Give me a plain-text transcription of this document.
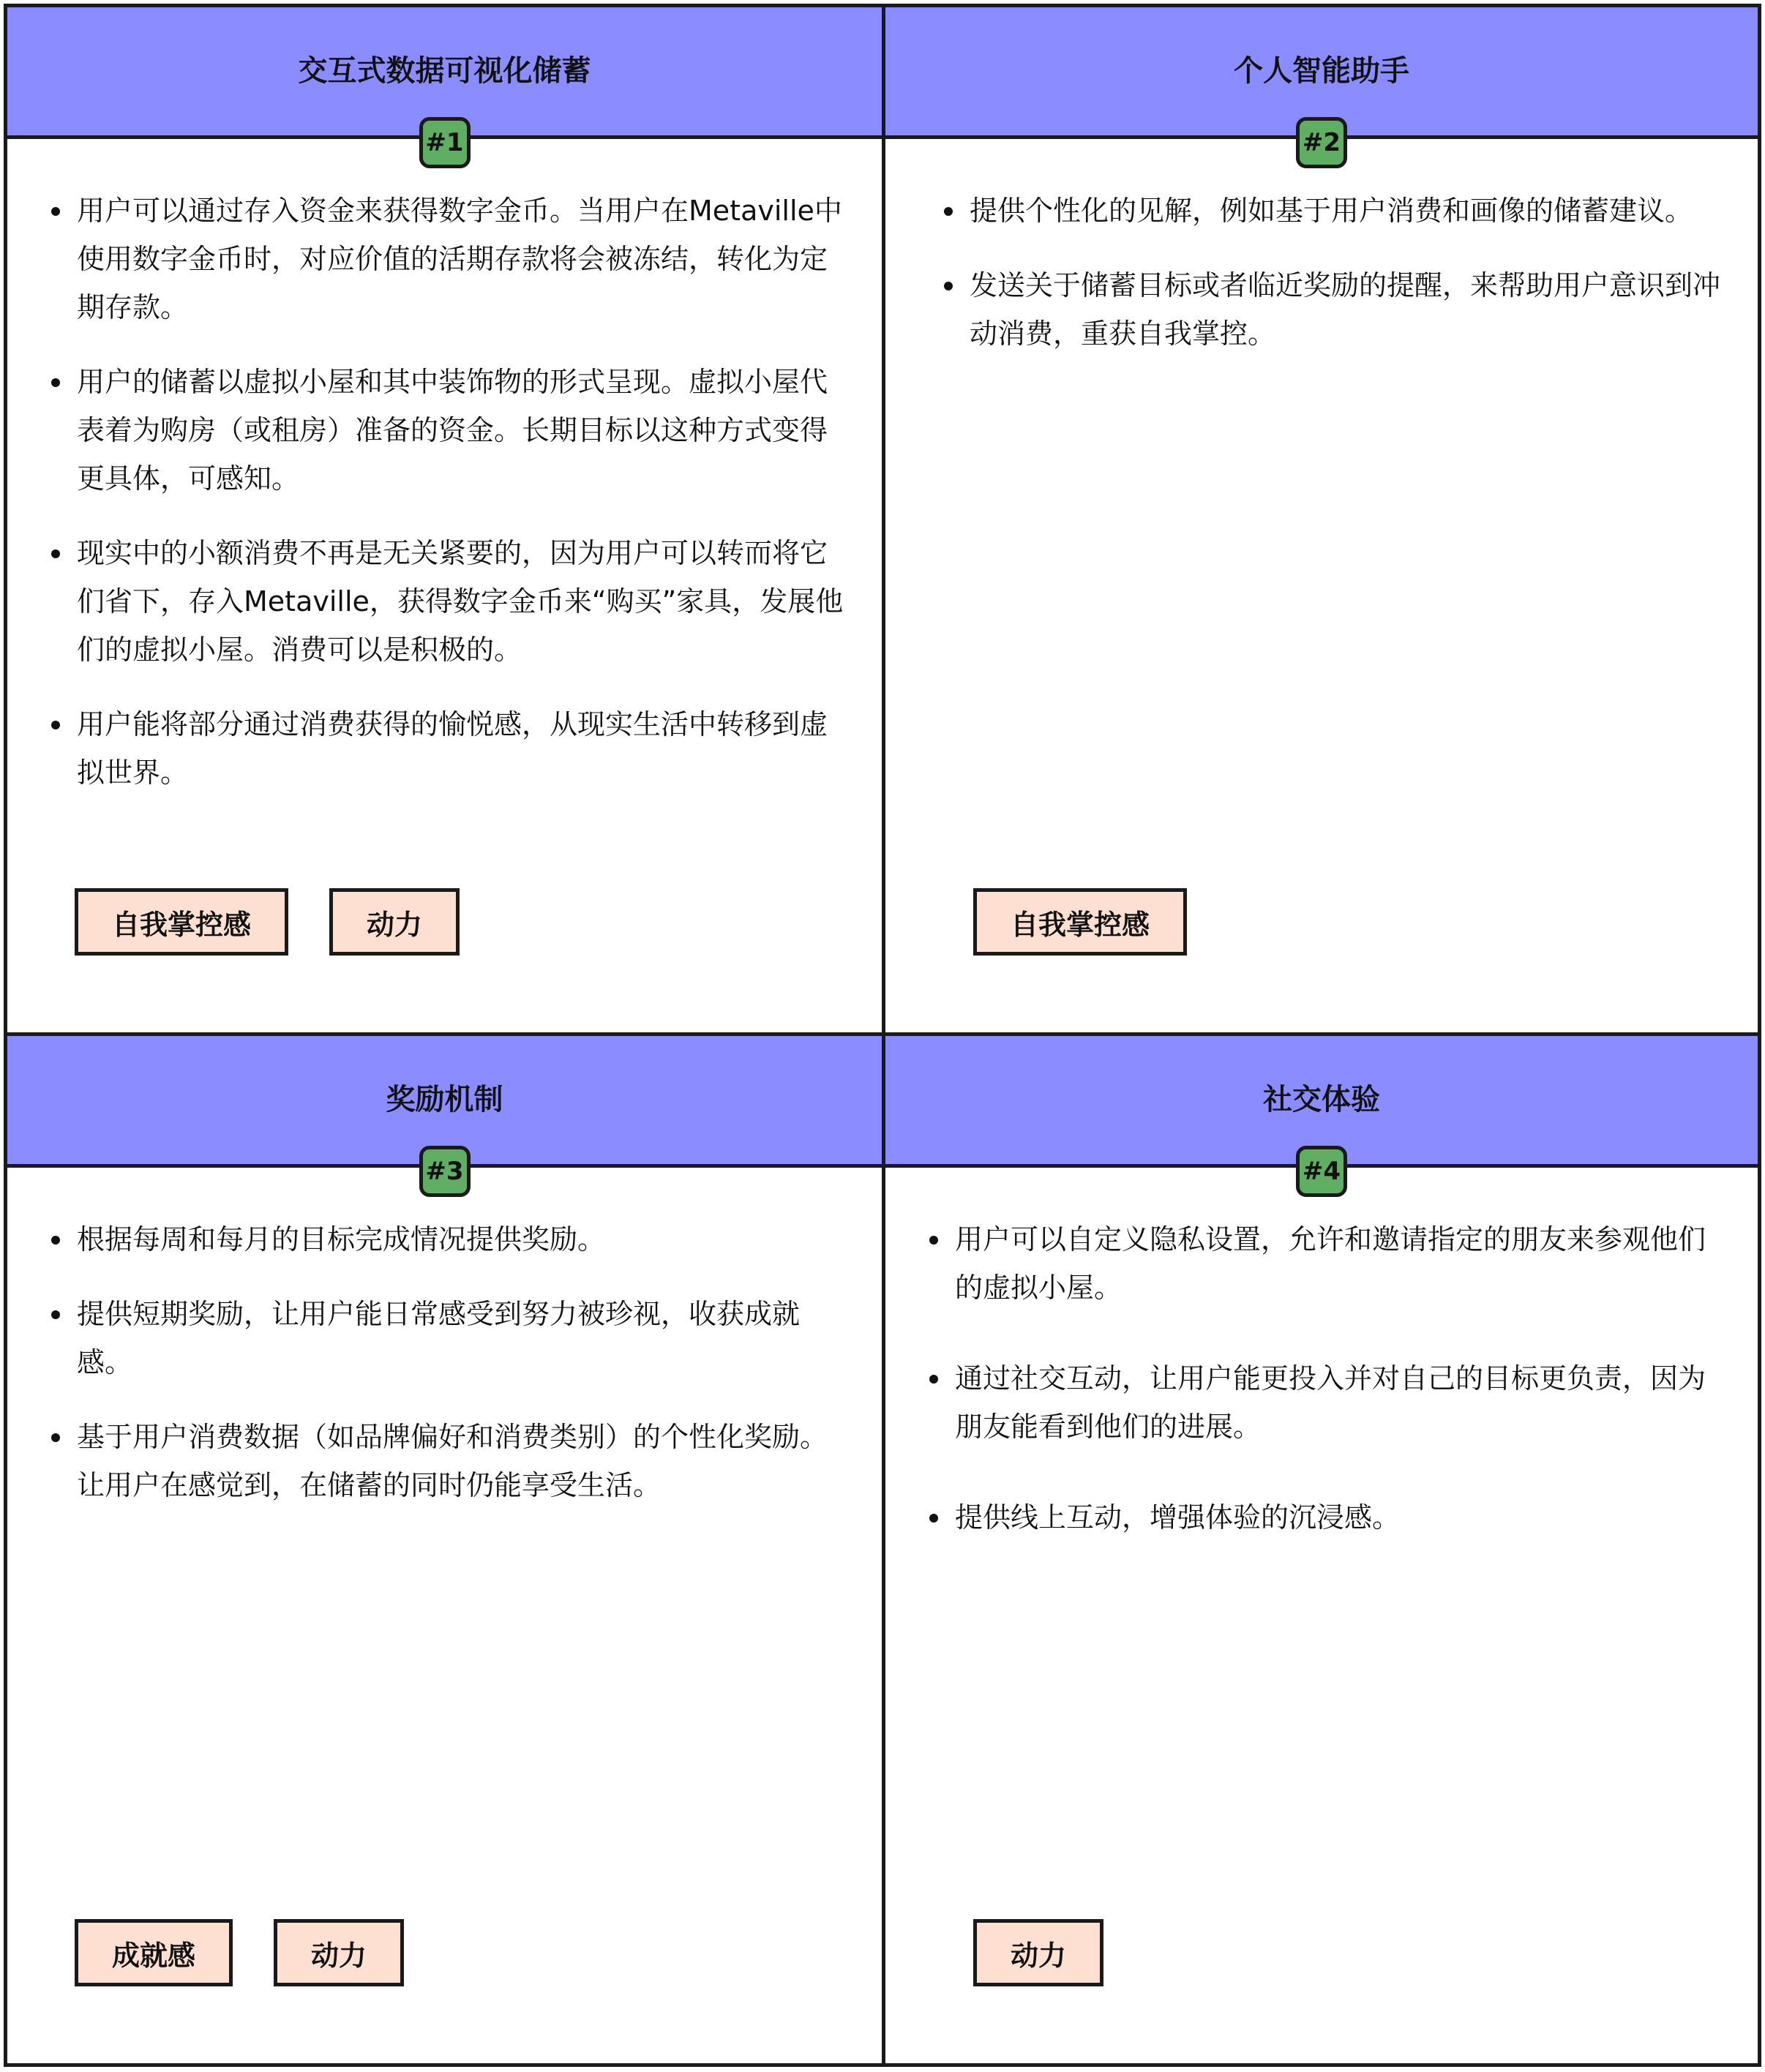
交互式数据可视化储蓄
#1
用户可以通过存入资金来获得数字金币。当用户在Metaville中使用数字金币时，对应价值的活期存款将会被冻结，转化为定期存款。
用户的储蓄以虚拟小屋和其中装饰物的形式呈现。虚拟小屋代表着为购房（或租房）准备的资金。长期目标以这种方式变得更具体，可感知。
现实中的小额消费不再是无关紧要的，因为用户可以转而将它们省下，存入Metaville，获得数字金币来“购买”家具，发展他们的虚拟小屋。消费可以是积极的。
用户能将部分通过消费获得的愉悦感，从现实生活中转移到虚拟世界。
自我掌控感	动力
个人智能助手
#2
提供个性化的见解，例如基于用户消费和画像的储蓄建议。
发送关于储蓄目标或者临近奖励的提醒，来帮助用户意识到冲动消费，重获自我掌控。
自我掌控感
奖励机制
#3
根据每周和每月的目标完成情况提供奖励。
提供短期奖励，让用户能日常感受到努力被珍视，收获成就感。
基于用户消费数据（如品牌偏好和消费类别）的个性化奖励。让用户在感觉到，在储蓄的同时仍能享受生活。
成就感	动力
社交体验
#4
用户可以自定义隐私设置，允许和邀请指定的朋友来参观他们的虚拟小屋。
通过社交互动，让用户能更投入并对自己的目标更负责，因为朋友能看到他们的进展。
提供线上互动，增强体验的沉浸感。
动力
